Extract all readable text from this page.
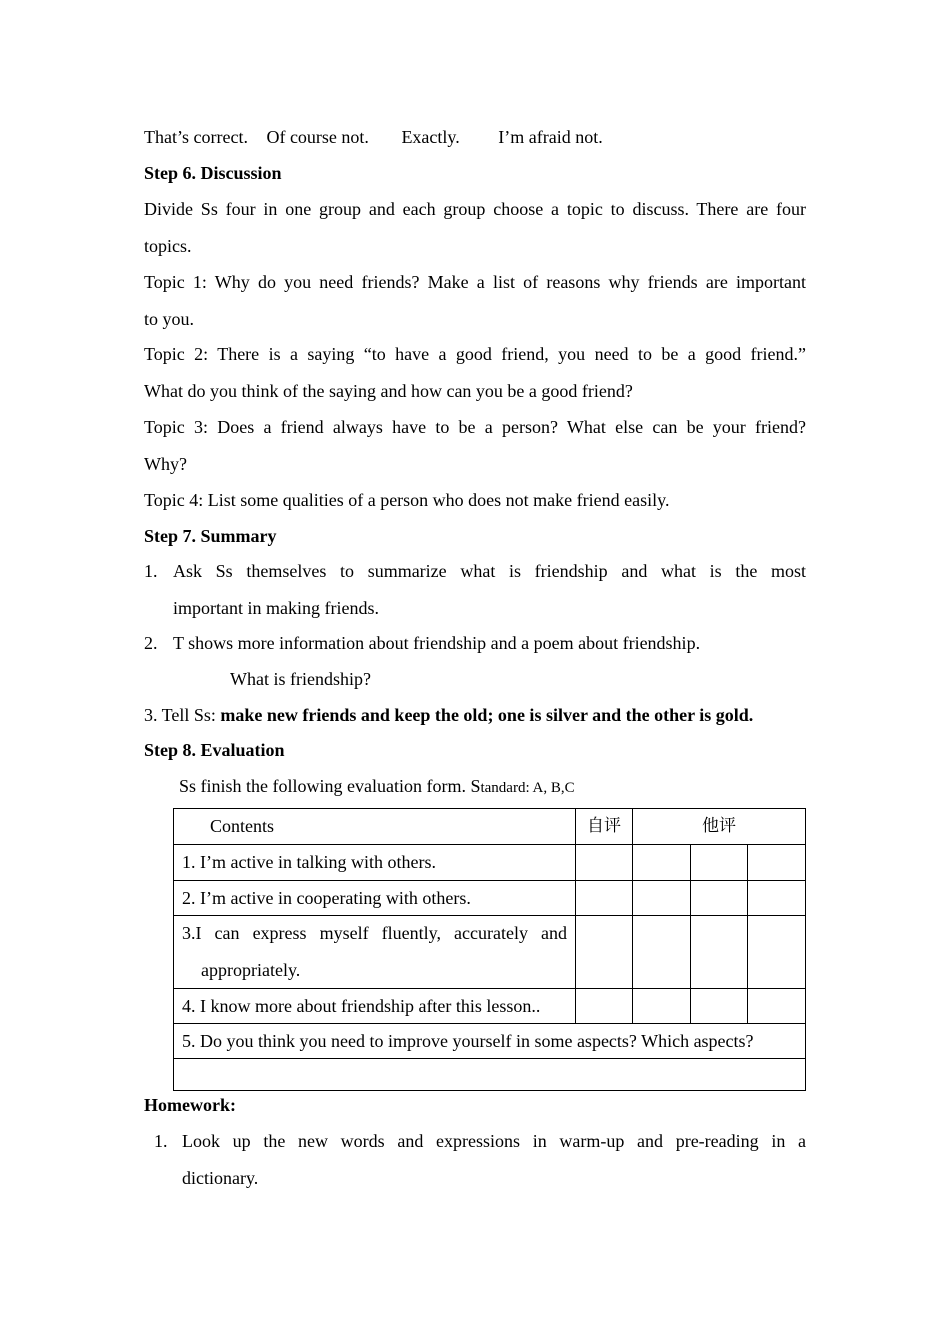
That’s correct. Of course not. Exactly. I’m afraid not.
Step 6. Discussion
Divide Ss four in one group and each group choose a topic to discuss. There are four
topics.
Topic 1: Why do you need friends? Make a list of reasons why friends are important
to you.
Topic 2: There is a saying “to have a good friend, you need to be a good friend.”
What do you think of the saying and how can you be a good friend?
Topic 3: Does a friend always have to be a person? What else can be your friend?
Why?
Topic 4: List some qualities of a person who does not make friend easily.
Step 7. Summary
1. Ask Ss themselves to summarize what is friendship and what is the most
important in making friends.
2. T shows more information about friendship and a poem about friendship.
What is friendship?
3. Tell Ss: make new friends and keep the old; one is silver and the other is gold.
Step 8. Evaluation
Ss finish the following evaluation form. Standard: A, B,C
Contents	自评	他评		

1. I’m active in talking with others.				

2. I’m active in cooperating with others.				

3.I can express myself fluently, accurately and
appropriately.				

4. I know more about friendship after this lesson..				

5. Do you think you need to improve yourself in some aspects? Which aspects?				

Homework:
1. Look up the new words and expressions in warm-up and pre-reading in a
dictionary.
